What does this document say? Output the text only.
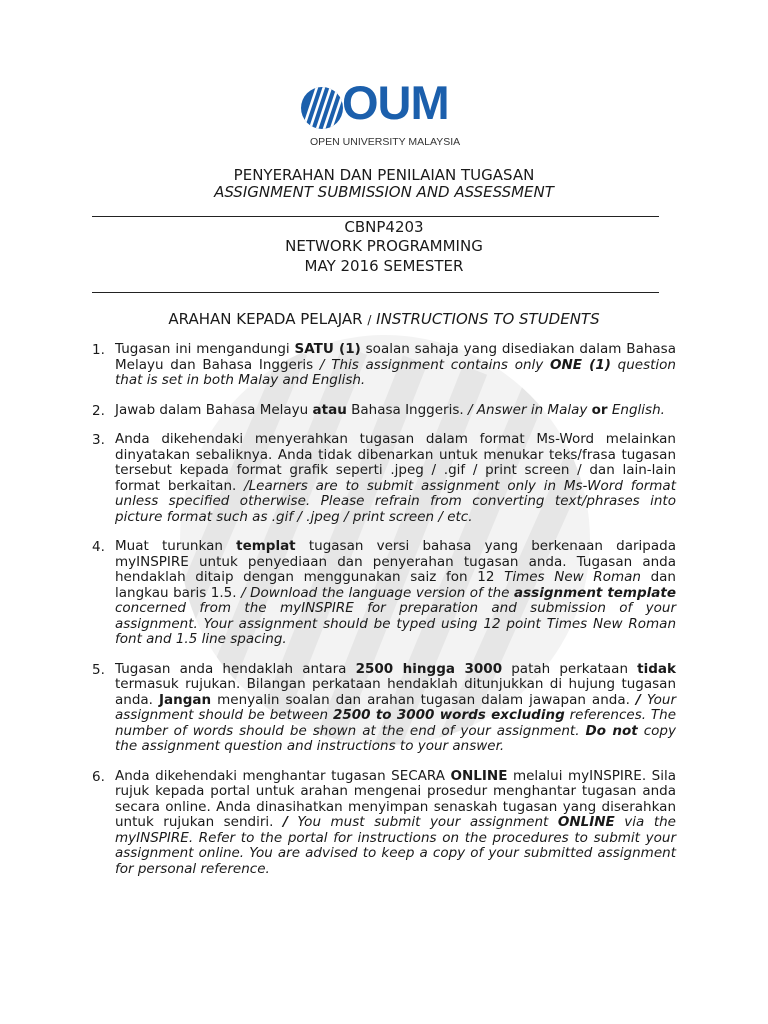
OUM
OPEN UNIVERSITY MALAYSIA
PENYERAHAN DAN PENILAIAN TUGASAN
ASSIGNMENT SUBMISSION AND ASSESSMENT
CBNP4203
NETWORK PROGRAMMING
MAY 2016 SEMESTER
ARAHAN KEPADA PELAJAR / INSTRUCTIONS TO STUDENTS
1. Tugasan ini mengandungi SATU (1) soalan sahaja yang disediakan dalam Bahasa Melayu dan Bahasa Inggeris / This assignment contains only ONE (1) question that is set in both Malay and English.
2. Jawab dalam Bahasa Melayu atau Bahasa Inggeris. / Answer in Malay or English.
3. Anda dikehendaki menyerahkan tugasan dalam format Ms-Word melainkan dinyatakan sebaliknya. Anda tidak dibenarkan untuk menukar teks/frasa tugasan tersebut kepada format grafik seperti .jpeg / .gif / print screen / dan lain-lain format berkaitan. /Learners are to submit assignment only in Ms-Word format unless specified otherwise. Please refrain from converting text/phrases into picture format such as .gif / .jpeg / print screen / etc.
4. Muat turunkan templat tugasan versi bahasa yang berkenaan daripada myINSPIRE untuk penyediaan dan penyerahan tugasan anda. Tugasan anda hendaklah ditaip dengan menggunakan saiz fon 12 Times New Roman dan langkau baris 1.5. / Download the language version of the assignment template concerned from the myINSPIRE for preparation and submission of your assignment. Your assignment should be typed using 12 point Times New Roman font and 1.5 line spacing.
5. Tugasan anda hendaklah antara 2500 hingga 3000 patah perkataan tidak termasuk rujukan. Bilangan perkataan hendaklah ditunjukkan di hujung tugasan anda. Jangan menyalin soalan dan arahan tugasan dalam jawapan anda. / Your assignment should be between 2500 to 3000 words excluding references. The number of words should be shown at the end of your assignment. Do not copy the assignment question and instructions to your answer.
6. Anda dikehendaki menghantar tugasan SECARA ONLINE melalui myINSPIRE. Sila rujuk kepada portal untuk arahan mengenai prosedur menghantar tugasan anda secara online. Anda dinasihatkan menyimpan senaskah tugasan yang diserahkan untuk rujukan sendiri. / You must submit your assignment ONLINE via the myINSPIRE. Refer to the portal for instructions on the procedures to submit your assignment online. You are advised to keep a copy of your submitted assignment for personal reference.
